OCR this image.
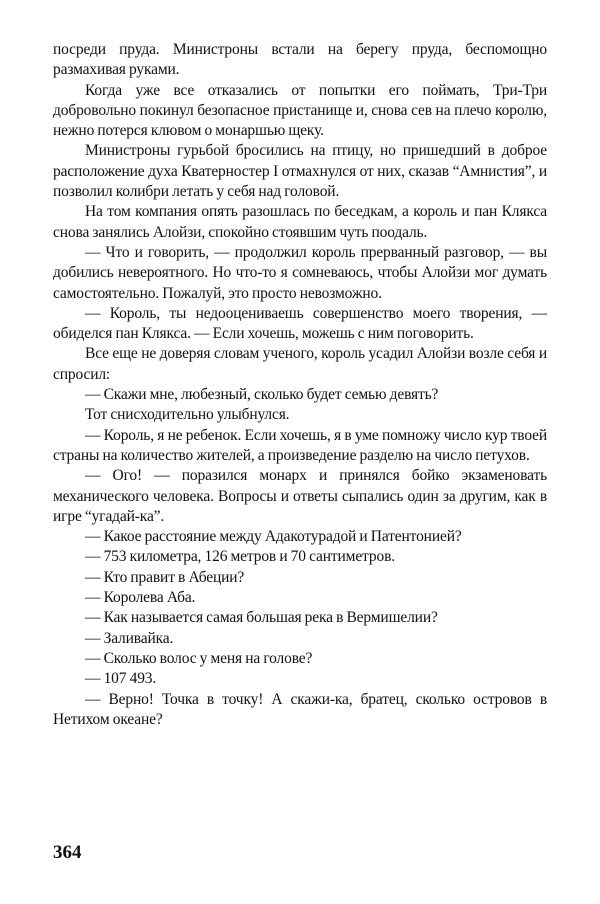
посреди пруда. Министроны встали на берегу пруда, беспомощно размахивая руками.

Когда уже все отказались от попытки его поймать, Три-Три добровольно покинул безопасное пристанище и, снова сев на плечо королю, нежно потерся клювом о монаршью щеку.

Министроны гурьбой бросились на птицу, но пришедший в доброе расположение духа Кватерностер I отмахнулся от них, сказав “Амнистия”, и позволил колибри летать у себя над головой.

На том компания опять разошлась по беседкам, а король и пан Клякса снова занялись Алойзи, спокойно стоявшим чуть поодаль.

— Что и говорить, — продолжил король прерванный разговор, — вы добились невероятного. Но что-то я сомневаюсь, чтобы Алойзи мог думать самостоятельно. Пожалуй, это просто невозможно.

— Король, ты недооцениваешь совершенство моего творения, — обиделся пан Клякса. — Если хочешь, можешь с ним поговорить.

Все еще не доверяя словам ученого, король усадил Алойзи возле себя и спросил:

— Скажи мне, любезный, сколько будет семью девять?

Тот снисходительно улыбнулся.

— Король, я не ребенок. Если хочешь, я в уме помножу число кур твоей страны на количество жителей, а произведение разделю на число петухов.

— Ого! — поразился монарх и принялся бойко экзаменовать механического человека. Вопросы и ответы сыпались один за другим, как в игре “угадай-ка”.

— Какое расстояние между Адакотурадой и Патентонией?

— 753 километра, 126 метров и 70 сантиметров.

— Кто правит в Абеции?

— Королева Аба.

— Как называется самая большая река в Вермишелии?

— Заливайка.

— Сколько волос у меня на голове?

— 107 493.

— Верно! Точка в точку! А скажи-ка, братец, сколько островов в Нетихом океане?

364
